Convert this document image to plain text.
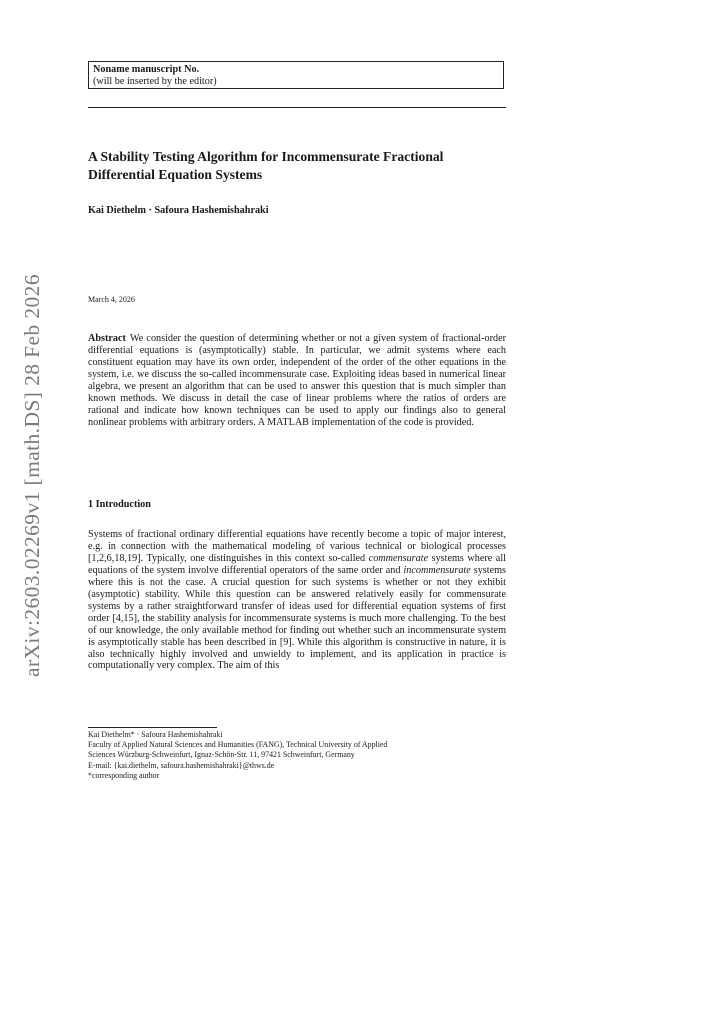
arXiv:2603.02269v1 [math.DS] 28 Feb 2026
Noname manuscript No.
(will be inserted by the editor)
A Stability Testing Algorithm for Incommensurate Fractional Differential Equation Systems
Kai Diethelm · Safoura Hashemishahraki
March 4, 2026
Abstract We consider the question of determining whether or not a given system of fractional-order differential equations is (asymptotically) stable. In particular, we admit systems where each constituent equation may have its own order, independent of the order of the other equations in the system, i.e. we discuss the so-called incommensurate case. Exploiting ideas based in numerical linear algebra, we present an algorithm that can be used to answer this question that is much simpler than known methods. We discuss in detail the case of linear problems where the ratios of orders are rational and indicate how known techniques can be used to apply our findings also to general nonlinear problems with arbitrary orders. A MATLAB implementation of the code is provided.
1 Introduction
Systems of fractional ordinary differential equations have recently become a topic of major interest, e.g. in connection with the mathematical modeling of various technical or biological processes [1,2,6,18,19]. Typically, one distinguishes in this context so-called commensurate systems where all equations of the system involve differential operators of the same order and incommensurate systems where this is not the case. A crucial question for such systems is whether or not they exhibit (asymptotic) stability. While this question can be answered relatively easily for commensurate systems by a rather straightforward transfer of ideas used for differential equation systems of first order [4,15], the stability analysis for incommensurate systems is much more challenging. To the best of our knowledge, the only available method for finding out whether such an incommensurate system is asymptotically stable has been described in [9]. While this algorithm is constructive in nature, it is also technically highly involved and unwieldy to implement, and its application in practice is computationally very complex. The aim of this
Kai Diethelm* · Safoura Hashemishahraki
Faculty of Applied Natural Sciences and Humanities (FANG), Technical University of Applied
Sciences Würzburg-Schweinfurt, Ignaz-Schön-Str. 11, 97421 Schweinfurt, Germany
E-mail: {kai.diethelm, safoura.hashemishahraki}@thws.de
*corresponding author
